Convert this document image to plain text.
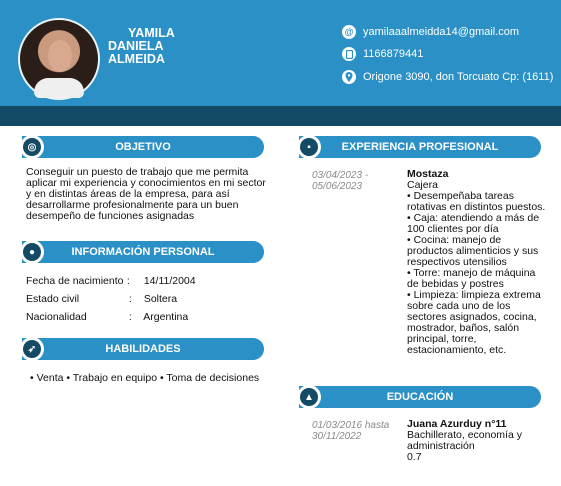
YAMILA
DANIELA
ALMEIDA
@ yamilaaalmeidda14@gmail.com
1166879441
Origone 3090, don Torcuato Cp: (1611)
◎	OBJETIVO
Conseguir un puesto de trabajo que me permita
aplicar mi experiencia y conocimientos en mi sector
y en distintas áreas de la empresa, para así
desarrollarme profesionalmente para un buen
desempeño de funciones asignadas
●	INFORMACIÓN PERSONAL
Fecha de nacimiento : 14/11/2004
Estado civil	: Soltera
Nacionalidad	: Argentina
➶	HABILIDADES
• Venta • Trabajo en equipo • Toma de decisiones
▪	EXPERIENCIA PROFESIONAL
03/04/2023 -
05/06/2023
Mostaza
Cajera
• Desempeñaba tareas
rotativas en distintos puestos.
• Caja: atendiendo a más de
100 clientes por día
• Cocina: manejo de
productos alimenticios y sus
respectivos utensilios
• Torre: manejo de máquina
de bebidas y postres
• Limpieza: limpieza extrema
sobre cada uno de los
sectores asignados, cocina,
mostrador, baños, salón
principal, torre,
estacionamiento, etc.
▲	EDUCACIÓN
01/03/2016 hasta
30/11/2022
Juana Azurduy n°11
Bachillerato, economía y
administración
0.7
